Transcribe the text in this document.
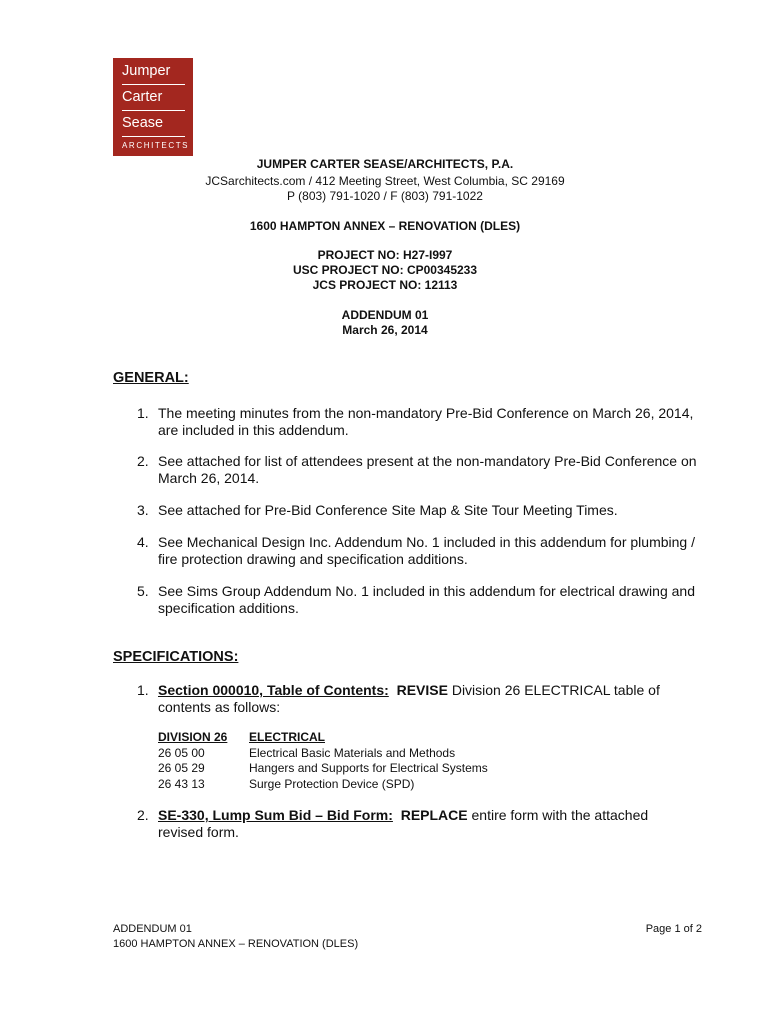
Jumper
Carter
Sease
ARCHITECTS
JUMPER CARTER SEASE/ARCHITECTS, P.A.
JCSarchitects.com / 412 Meeting Street, West Columbia, SC 29169
P (803) 791-1020 / F (803) 791-1022
1600 HAMPTON ANNEX – RENOVATION (DLES)
PROJECT NO: H27-I997
USC PROJECT NO: CP00345233
JCS PROJECT NO: 12113
ADDENDUM 01
March 26, 2014
GENERAL:
1. The meeting minutes from the non-mandatory Pre-Bid Conference on March 26, 2014, are included in this addendum.
2. See attached for list of attendees present at the non-mandatory Pre-Bid Conference on March 26, 2014.
3. See attached for Pre-Bid Conference Site Map & Site Tour Meeting Times.
4. See Mechanical Design Inc. Addendum No. 1 included in this addendum for plumbing / fire protection drawing and specification additions.
5. See Sims Group Addendum No. 1 included in this addendum for electrical drawing and specification additions.
SPECIFICATIONS:
1. Section 000010, Table of Contents: REVISE Division 26 ELECTRICAL table of contents as follows:
DIVISION 26	ELECTRICAL
26 05 00	Electrical Basic Materials and Methods
26 05 29	Hangers and Supports for Electrical Systems
26 43 13	Surge Protection Device (SPD)
2. SE-330, Lump Sum Bid – Bid Form: REPLACE entire form with the attached revised form.
ADDENDUM 01
1600 HAMPTON ANNEX – RENOVATION (DLES)
Page 1 of 2
